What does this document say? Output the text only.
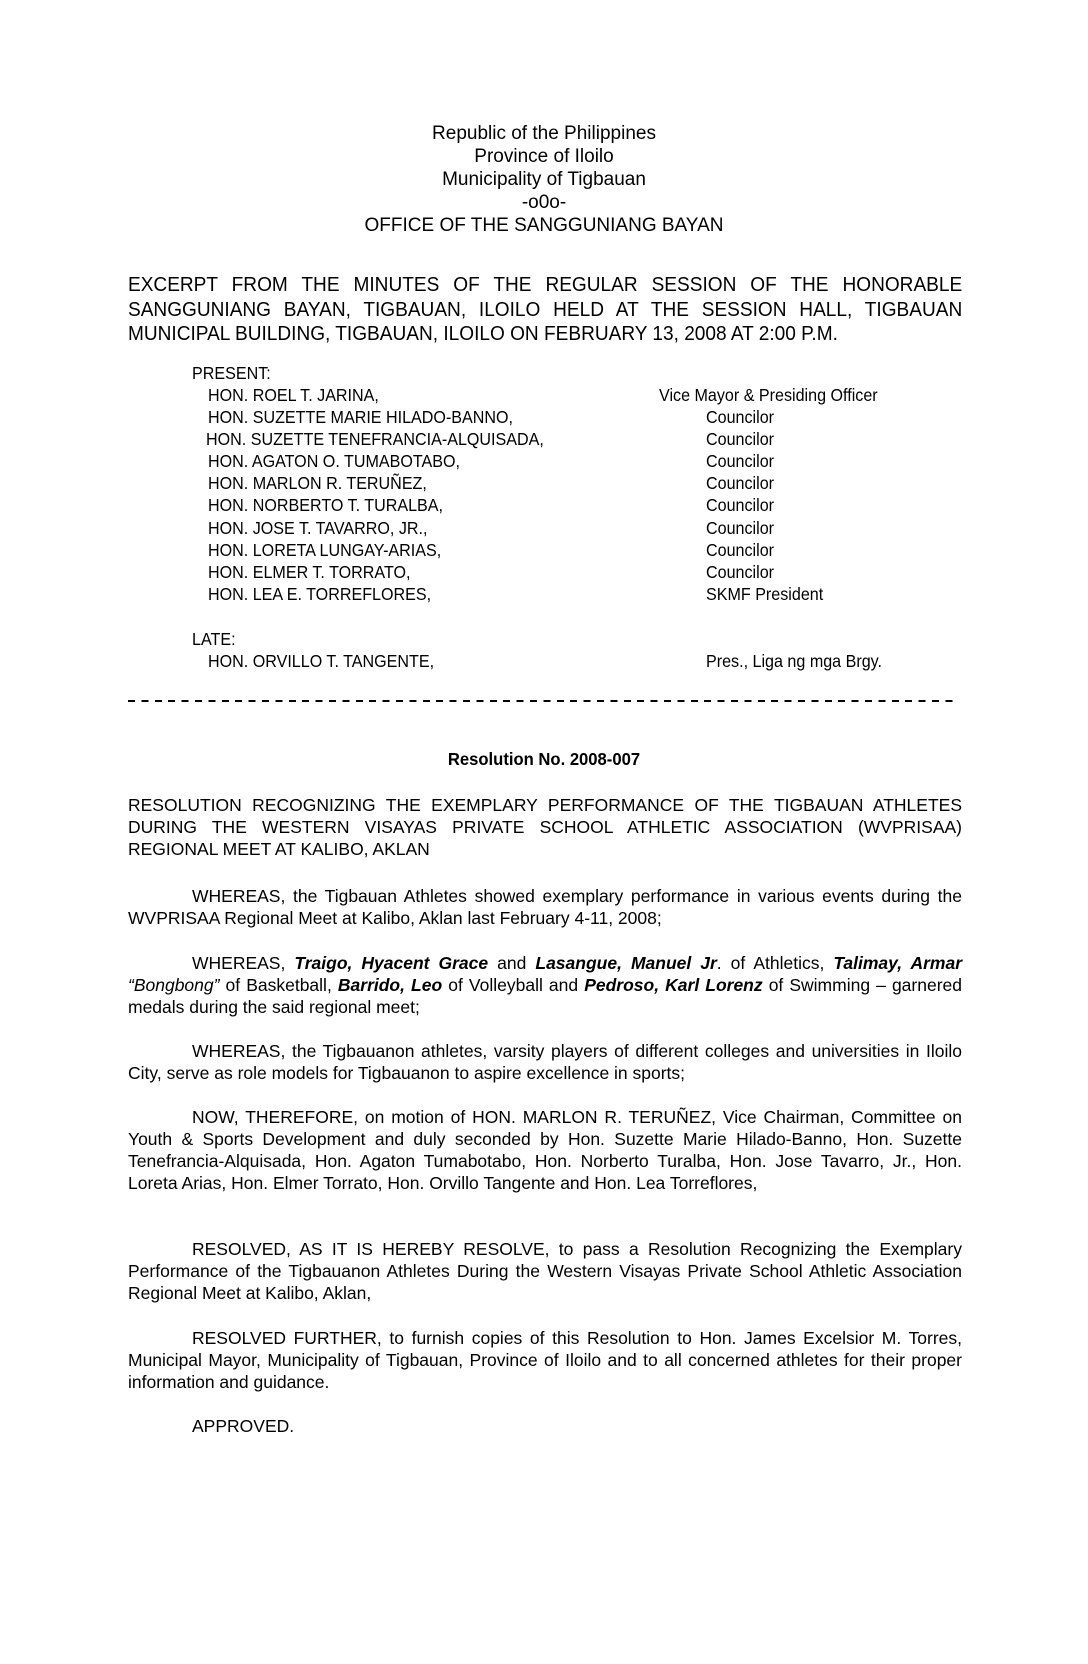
Republic of the Philippines
Province of Iloilo
Municipality of Tigbauan
-o0o-
OFFICE OF THE SANGGUNIANG BAYAN
EXCERPT FROM THE MINUTES OF THE REGULAR SESSION OF THE HONORABLE SANGGUNIANG BAYAN, TIGBAUAN, ILOILO HELD AT THE SESSION HALL, TIGBAUAN MUNICIPAL BUILDING, TIGBAUAN, ILOILO ON FEBRUARY 13, 2008 AT 2:00 P.M.
PRESENT:
HON. ROEL T. JARINA,	Vice Mayor & Presiding Officer
HON. SUZETTE MARIE HILADO-BANNO,	Councilor
HON. SUZETTE TENEFRANCIA-ALQUISADA,	Councilor
HON. AGATON O. TUMABOTABO,	Councilor
HON. MARLON R. TERUÑEZ,	Councilor
HON. NORBERTO T. TURALBA,	Councilor
HON. JOSE T. TAVARRO, JR.,	Councilor
HON. LORETA LUNGAY-ARIAS,	Councilor
HON. ELMER T. TORRATO,	Councilor
HON. LEA E. TORREFLORES,	SKMF President
LATE:
HON. ORVILLO T. TANGENTE,	Pres., Liga ng mga Brgy.
Resolution No. 2008-007

RESOLUTION RECOGNIZING THE EXEMPLARY PERFORMANCE OF THE TIGBAUAN ATHLETES DURING THE WESTERN VISAYAS PRIVATE SCHOOL ATHLETIC ASSOCIATION (WVPRISAA) REGIONAL MEET AT KALIBO, AKLAN

WHEREAS, the Tigbauan Athletes showed exemplary performance in various events during the WVPRISAA Regional Meet at Kalibo, Aklan last February 4-11, 2008;

WHEREAS, Traigo, Hyacent Grace and Lasangue, Manuel Jr. of Athletics, Talimay, Armar “Bongbong” of Basketball, Barrido, Leo of Volleyball and Pedroso, Karl Lorenz of Swimming – garnered medals during the said regional meet;

WHEREAS, the Tigbauanon athletes, varsity players of different colleges and universities in Iloilo City, serve as role models for Tigbauanon to aspire excellence in sports;

NOW, THEREFORE, on motion of HON. MARLON R. TERUÑEZ, Vice Chairman, Committee on Youth & Sports Development and duly seconded by Hon. Suzette Marie Hilado-Banno, Hon. Suzette Tenefrancia-Alquisada, Hon. Agaton Tumabotabo, Hon. Norberto Turalba, Hon. Jose Tavarro, Jr., Hon. Loreta Arias, Hon. Elmer Torrato, Hon. Orvillo Tangente and Hon. Lea Torreflores,

RESOLVED, AS IT IS HEREBY RESOLVE, to pass a Resolution Recognizing the Exemplary Performance of the Tigbauanon Athletes During the Western Visayas Private School Athletic Association Regional Meet at Kalibo, Aklan,

RESOLVED FURTHER, to furnish copies of this Resolution to Hon. James Excelsior M. Torres, Municipal Mayor, Municipality of Tigbauan, Province of Iloilo and to all concerned athletes for their proper information and guidance.

APPROVED.
